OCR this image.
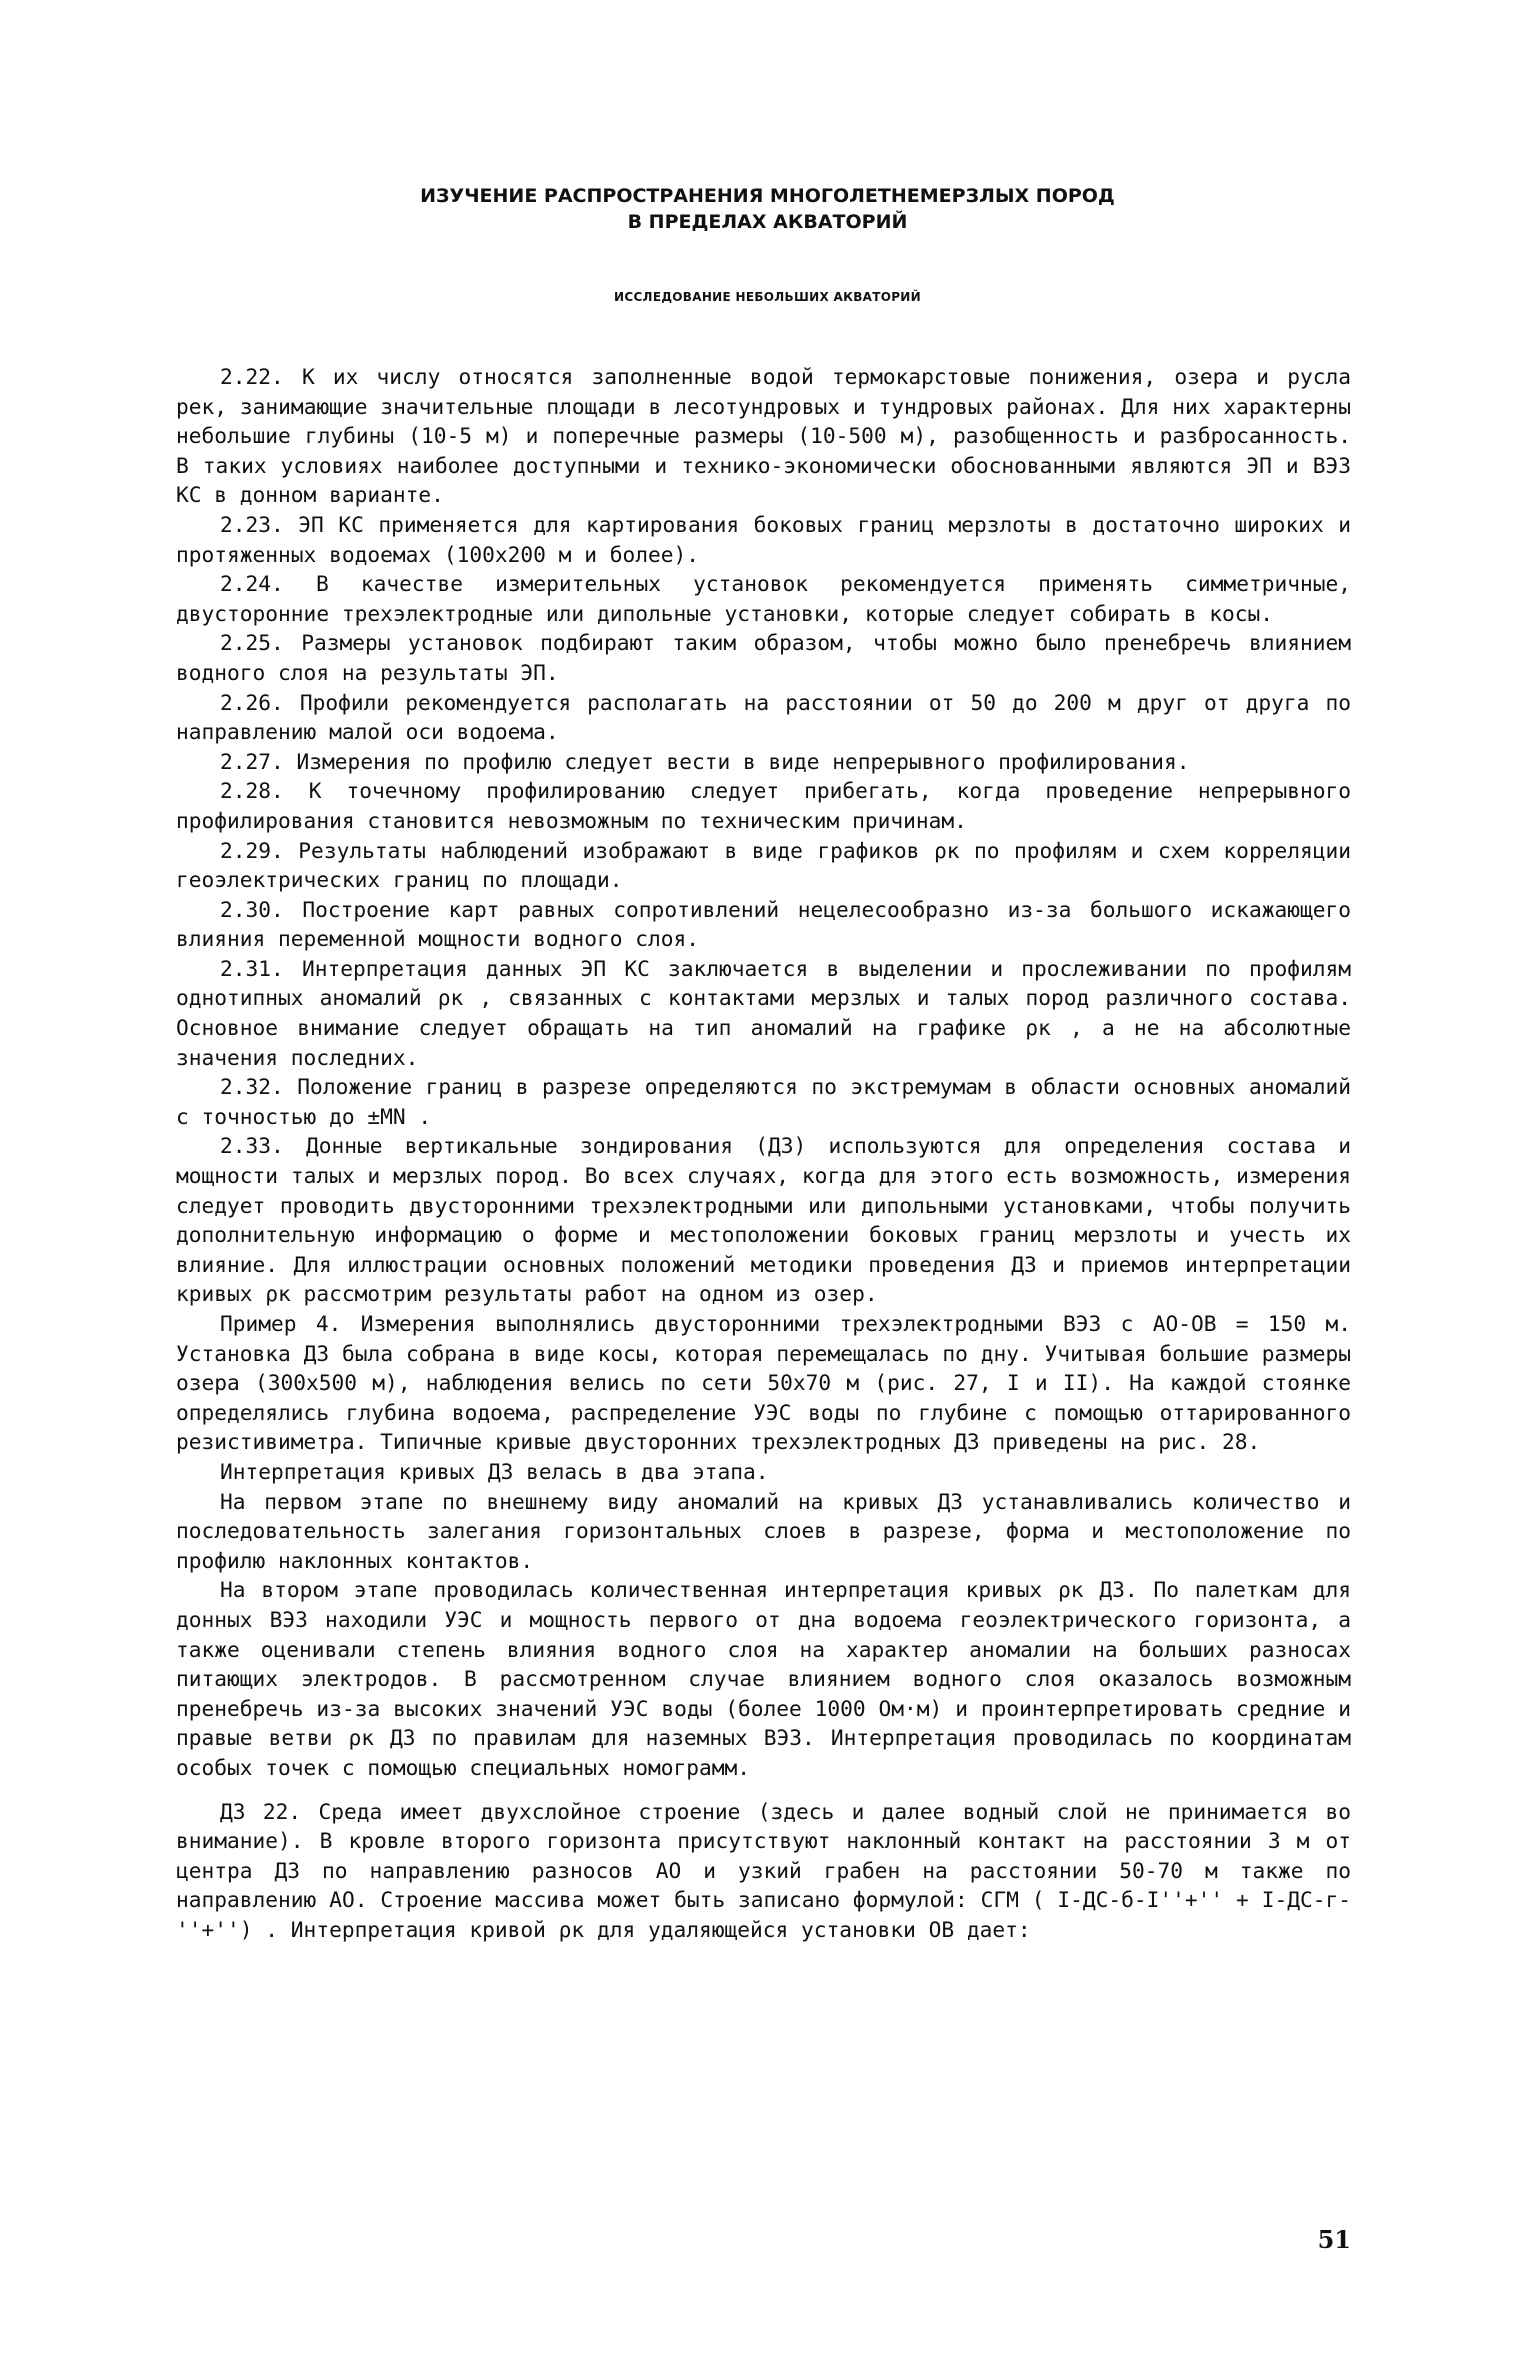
ИЗУЧЕНИЕ РАСПРОСТРАНЕНИЯ МНОГОЛЕТНЕМЕРЗЛЫХ ПОРОД
В ПРЕДЕЛАХ АКВАТОРИЙ
ИССЛЕДОВАНИЕ НЕБОЛЬШИХ АКВАТОРИЙ

2.22. К их числу относятся заполненные водой термокарстовые понижения, озера и русла рек, занимающие значительные площади в лесотундровых и тундровых районах. Для них характерны небольшие глубины (10-5 м) и поперечные размеры (10-500 м), разобщенность и разбросанность. В таких условиях наиболее доступными и технико-экономически обоснованными являются ЭП и ВЭЗ КС в донном варианте.

2.23. ЭП КС применяется для картирования боковых границ мерзлоты в достаточно широких и протяженных водоемах (100x200 м и более).

2.24. В качестве измерительных установок рекомендуется применять симметричные, двусторонние трехэлектродные или дипольные установки, которые следует собирать в косы.

2.25. Размеры установок подбирают таким образом, чтобы можно было пренебречь влиянием водного слоя на результаты ЭП.

2.26. Профили рекомендуется располагать на расстоянии от 50 до 200 м друг от друга по направлению малой оси водоема.

2.27. Измерения по профилю следует вести в виде непрерывного профилирования.

2.28. К точечному профилированию следует прибегать, когда проведение непрерывного профилирования становится невозможным по техническим причинам.

2.29. Результаты наблюдений изображают в виде графиков ρк по профилям и схем корреляции геоэлектрических границ по площади.

2.30. Построение карт равных сопротивлений нецелесообразно из-за большого искажающего влияния переменной мощности водного слоя.

2.31. Интерпретация данных ЭП КС заключается в выделении и прослеживании по профилям однотипных аномалий ρк , связанных с контактами мерзлых и талых пород различного состава. Основное внимание следует обращать на тип аномалий на графике ρк , а не на абсолютные значения последних.

2.32. Положение границ в разрезе определяются по экстремумам в области основных аномалий с точностью до ±МN .

2.33. Донные вертикальные зондирования (ДЗ) используются для определения состава и мощности талых и мерзлых пород. Во всех случаях, когда для этого есть возможность, измерения следует проводить двусторонними трехэлектродными или дипольными установками, чтобы получить дополнительную информацию о форме и местоположении боковых границ мерзлоты и учесть их влияние. Для иллюстрации основных положений методики проведения ДЗ и приемов интерпретации кривых ρк рассмотрим результаты работ на одном из озер.

Пример 4. Измерения выполнялись двусторонними трехэлектродными ВЭЗ с АО-ОВ = 150 м. Установка ДЗ была собрана в виде косы, которая перемещалась по дну. Учитывая большие размеры озера (300x500 м), наблюдения велись по сети 50x70 м (рис. 27, I и II). На каждой стоянке определялись глубина водоема, распределение УЭС воды по глубине с помощью оттарированного резистивиметра. Типичные кривые двусторонних трехэлектродных ДЗ приведены на рис. 28.

Интерпретация кривых ДЗ велась в два этапа.

На первом этапе по внешнему виду аномалий на кривых ДЗ устанавливались количество и последовательность залегания горизонтальных слоев в разрезе, форма и местоположение по профилю наклонных контактов.

На втором этапе проводилась количественная интерпретация кривых ρк ДЗ. По палеткам для донных ВЭЗ находили УЭС и мощность первого от дна водоема геоэлектрического горизонта, а также оценивали степень влияния водного слоя на характер аномалии на больших разносах питающих электродов. В рассмотренном случае влиянием водного слоя оказалось возможным пренебречь из-за высоких значений УЭС воды (более 1000 Ом·м) и проинтерпретировать средние и правые ветви ρк ДЗ по правилам для наземных ВЭЗ. Интерпретация проводилась по координатам особых точек с помощью специальных номограмм.

ДЗ 22. Среда имеет двухслойное строение (здесь и далее водный слой не принимается во внимание). В кровле второго горизонта присутствуют наклонный контакт на расстоянии 3 м от центра ДЗ по направлению разносов АО и узкий грабен на расстоянии 50-70 м также по направлению АО. Строение массива может быть записано формулой: СГМ ( I-ДС-б-I''+'' + I-ДС-г-''+'') . Интерпретация кривой ρк для удаляющейся установки ОВ дает:

51
